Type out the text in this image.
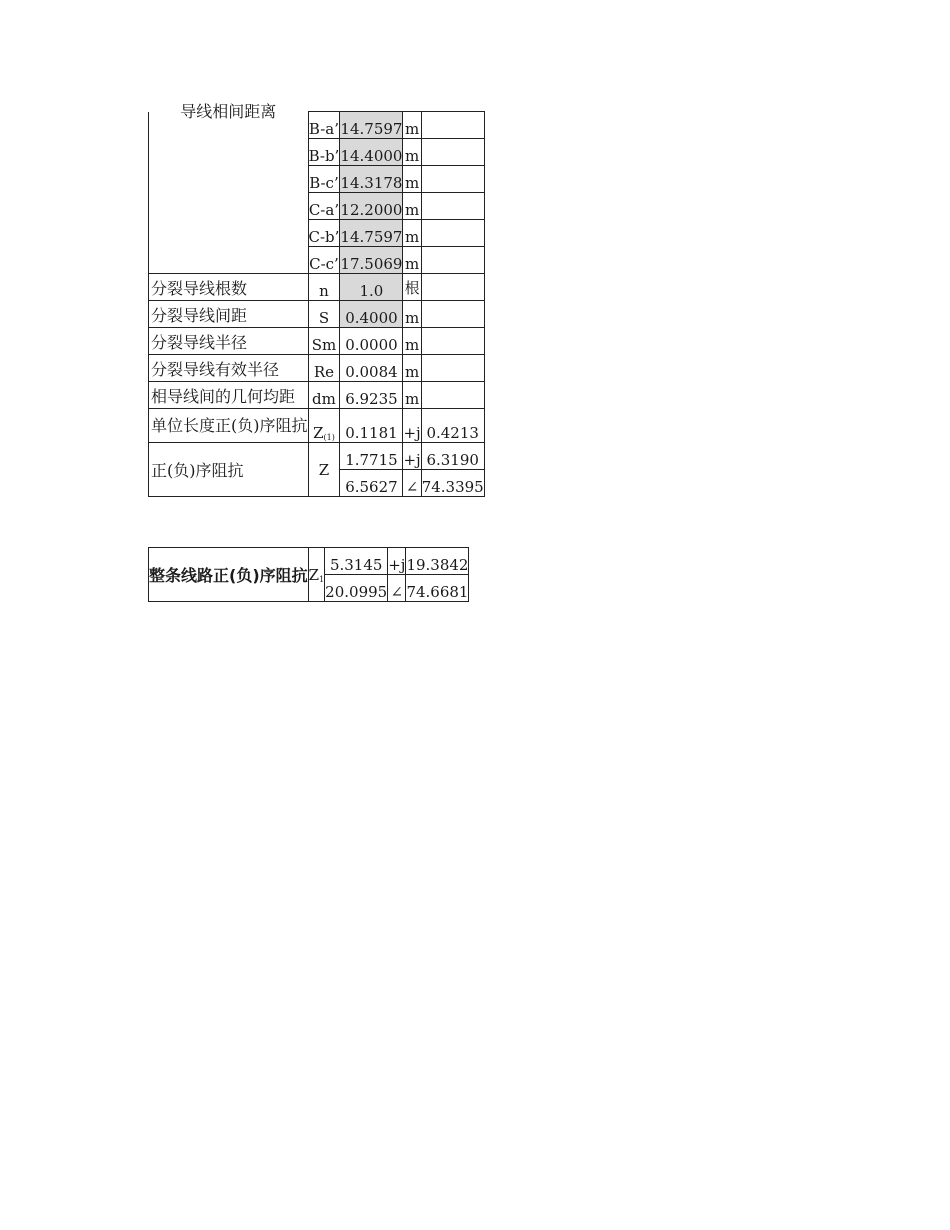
导线相间距离	B-a’	14.7597	m	
	B-b’	14.4000	m	
	B-c’	14.3178	m	
	C-a’	12.2000	m	
	C-b’	14.7597	m	
	C-c’	17.5069	m	
分裂导线根数	n	1.0	根	
分裂导线间距	S	0.4000	m	
分裂导线半径	Sm	0.0000	m	
分裂导线有效半径	Re	0.0084	m	
相导线间的几何均距	dm	6.9235	m	
单位长度正(负)序阻抗	$Z_{(1)}$	0.1181	+j	0.4213
正(负)序阻抗	Z	1.7715	+j	6.3190
		6.5627	∠	74.3395
整条线路正(负)序阻抗	$Z_1$	5.3145	+j	19.3842
		20.0995	∠	74.6681
